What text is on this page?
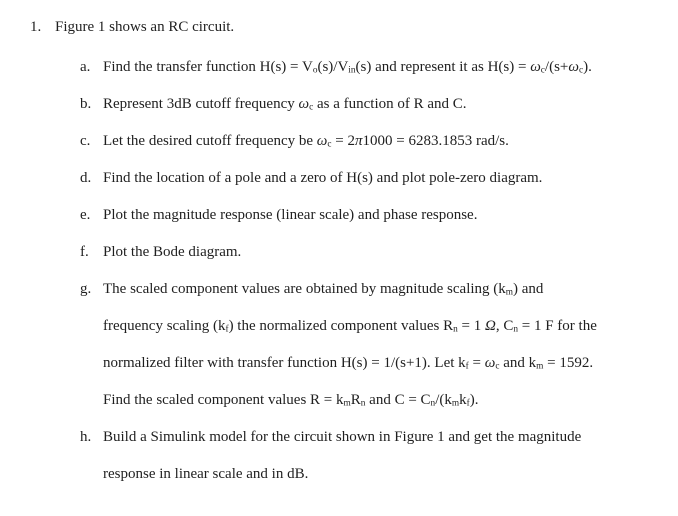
1. Figure 1 shows an RC circuit.
a. Find the transfer function $H(s) = V_o(s)/V_{in}(s)$ and represent it as $H(s) = \omega_c/(s+\omega_c)$.
b. Represent 3dB cutoff frequency $\omega_c$ as a function of R and C.
c. Let the desired cutoff frequency be $\omega_c = 2\pi 1000 = 6283.1853$ rad/s.
d. Find the location of a pole and a zero of H(s) and plot pole-zero diagram.
e. Plot the magnitude response (linear scale) and phase response.
f. Plot the Bode diagram.
g. The scaled component values are obtained by magnitude scaling $(k_m)$ and
frequency scaling $(k_f)$ the normalized component values $R_n = 1$ Ω, $C_n = 1$ F for the
normalized filter with transfer function H(s) = 1/(s+1). Let $k_f = \omega_c$ and $k_m = 1592$.
Find the scaled component values $R = k_mR_n$ and $C = C_n/(k_mk_f)$.
h. Build a Simulink model for the circuit shown in Figure 1 and get the magnitude
response in linear scale and in dB.
